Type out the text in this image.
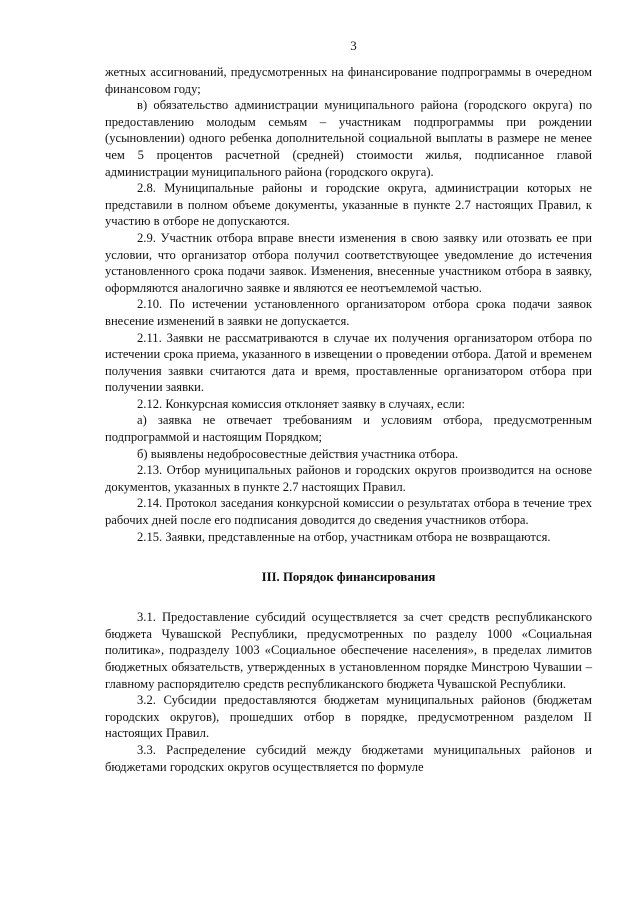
3

жетных ассигнований, предусмотренных на финансирование подпрограммы в очередном финансовом году;

в) обязательство администрации муниципального района (городского округа) по предоставлению молодым семьям – участникам подпрограммы при рождении (усыновлении) одного ребенка дополнительной социальной выплаты в размере не менее чем 5 процентов расчетной (средней) стоимости жилья, подписанное главой администрации муниципального района (городского округа).

2.8. Муниципальные районы и городские округа, администрации которых не представили в полном объеме документы, указанные в пункте 2.7 настоящих Правил, к участию в отборе не допускаются.

2.9. Участник отбора вправе внести изменения в свою заявку или отозвать ее при условии, что организатор отбора получил соответствующее уведомление до истечения установленного срока подачи заявок. Изменения, внесенные участником отбора в заявку, оформляются аналогично заявке и являются ее неотъемлемой частью.

2.10. По истечении установленного организатором отбора срока подачи заявок внесение изменений в заявки не допускается.

2.11. Заявки не рассматриваются в случае их получения организатором отбора по истечении срока приема, указанного в извещении о проведении отбора. Датой и временем получения заявки считаются дата и время, проставленные организатором отбора при получении заявки.

2.12. Конкурсная комиссия отклоняет заявку в случаях, если:

а) заявка не отвечает требованиям и условиям отбора, предусмотренным подпрограммой и настоящим Порядком;

б) выявлены недобросовестные действия участника отбора.

2.13. Отбор муниципальных районов и городских округов производится на основе документов, указанных в пункте 2.7 настоящих Правил.

2.14. Протокол заседания конкурсной комиссии о результатах отбора в течение трех рабочих дней после его подписания доводится до сведения участников отбора.

2.15. Заявки, представленные на отбор, участникам отбора не возвращаются.

III. Порядок финансирования

3.1. Предоставление субсидий осуществляется за счет средств республиканского бюджета Чувашской Республики, предусмотренных по разделу 1000 «Социальная политика», подразделу 1003 «Социальное обеспечение населения», в пределах лимитов бюджетных обязательств, утвержденных в установленном порядке Минстрою Чувашии – главному распорядителю средств республиканского бюджета Чувашской Республики.

3.2. Субсидии предоставляются бюджетам муниципальных районов (бюджетам городских округов), прошедших отбор в порядке, предусмотренном разделом II настоящих Правил.

3.3. Распределение субсидий между бюджетами муниципальных районов и бюджетами городских округов осуществляется по формуле
